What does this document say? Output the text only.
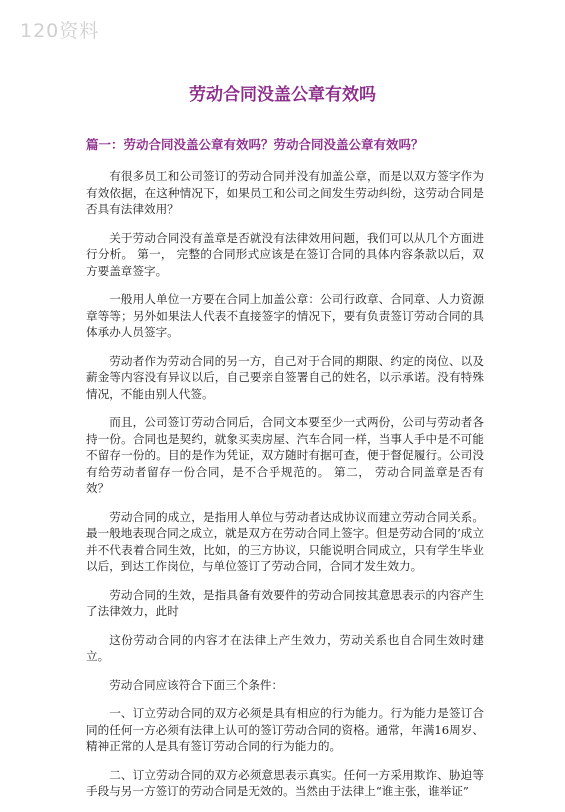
120资料
劳动合同没盖公章有效吗
篇一：劳动合同没盖公章有效吗？劳动合同没盖公章有效吗？

有很多员工和公司签订的劳动合同并没有加盖公章，而是以双方签字作为有效依据，在这种情况下，如果员工和公司之间发生劳动纠纷，这劳动合同是否具有法律效用？

关于劳动合同没有盖章是否就没有法律效用问题，我们可以从几个方面进行分析。 第一， 完整的合同形式应该是在签订合同的具体内容条款以后，双方要盖章签字。

一般用人单位一方要在合同上加盖公章：公司行政章、合同章、人力资源章等等；另外如果法人代表不直接签字的情况下，要有负责签订劳动合同的具体承办人员签字。

劳动者作为劳动合同的另一方，自己对于合同的期限、约定的岗位、以及薪金等内容没有异议以后，自己要亲自签署自己的姓名，以示承诺。没有特殊情况，不能由别人代签。

而且，公司签订劳动合同后，合同文本要至少一式两份，公司与劳动者各持一份。合同也是契约，就象买卖房屋、汽车合同一样，当事人手中是不可能不留存一份的。目的是作为凭证，双方随时有据可查，便于督促履行。公司没有给劳动者留存一份合同，是不合乎规范的。 第二， 劳动合同盖章是否有效？

劳动合同的成立，是指用人单位与劳动者达成协议而建立劳动合同关系。最一般地表现合同之成立，就是双方在劳动合同上签字。但是劳动合同的’成立并不代表着合同生效，比如，的三方协议，只能说明合同成立，只有学生毕业以后，到达工作岗位，与单位签订了劳动合同，合同才发生效力。

劳动合同的生效，是指具备有效要件的劳动合同按其意思表示的内容产生了法律效力，此时

这份劳动合同的内容才在法律上产生效力，劳动关系也自合同生效时建立。

劳动合同应该符合下面三个条件：

一、订立劳动合同的双方必须是具有相应的行为能力。行为能力是签订合同的任何一方必须有法律上认可的签订劳动合同的资格。通常，年满16周岁、精神正常的人是具有签订劳动合同的行为能力的。

二、订立劳动合同的双方必须意思表示真实。任何一方采用欺诈、胁迫等手段与另一方签订的劳动合同是无效的。当然由于法律上“谁主张，谁举证”
